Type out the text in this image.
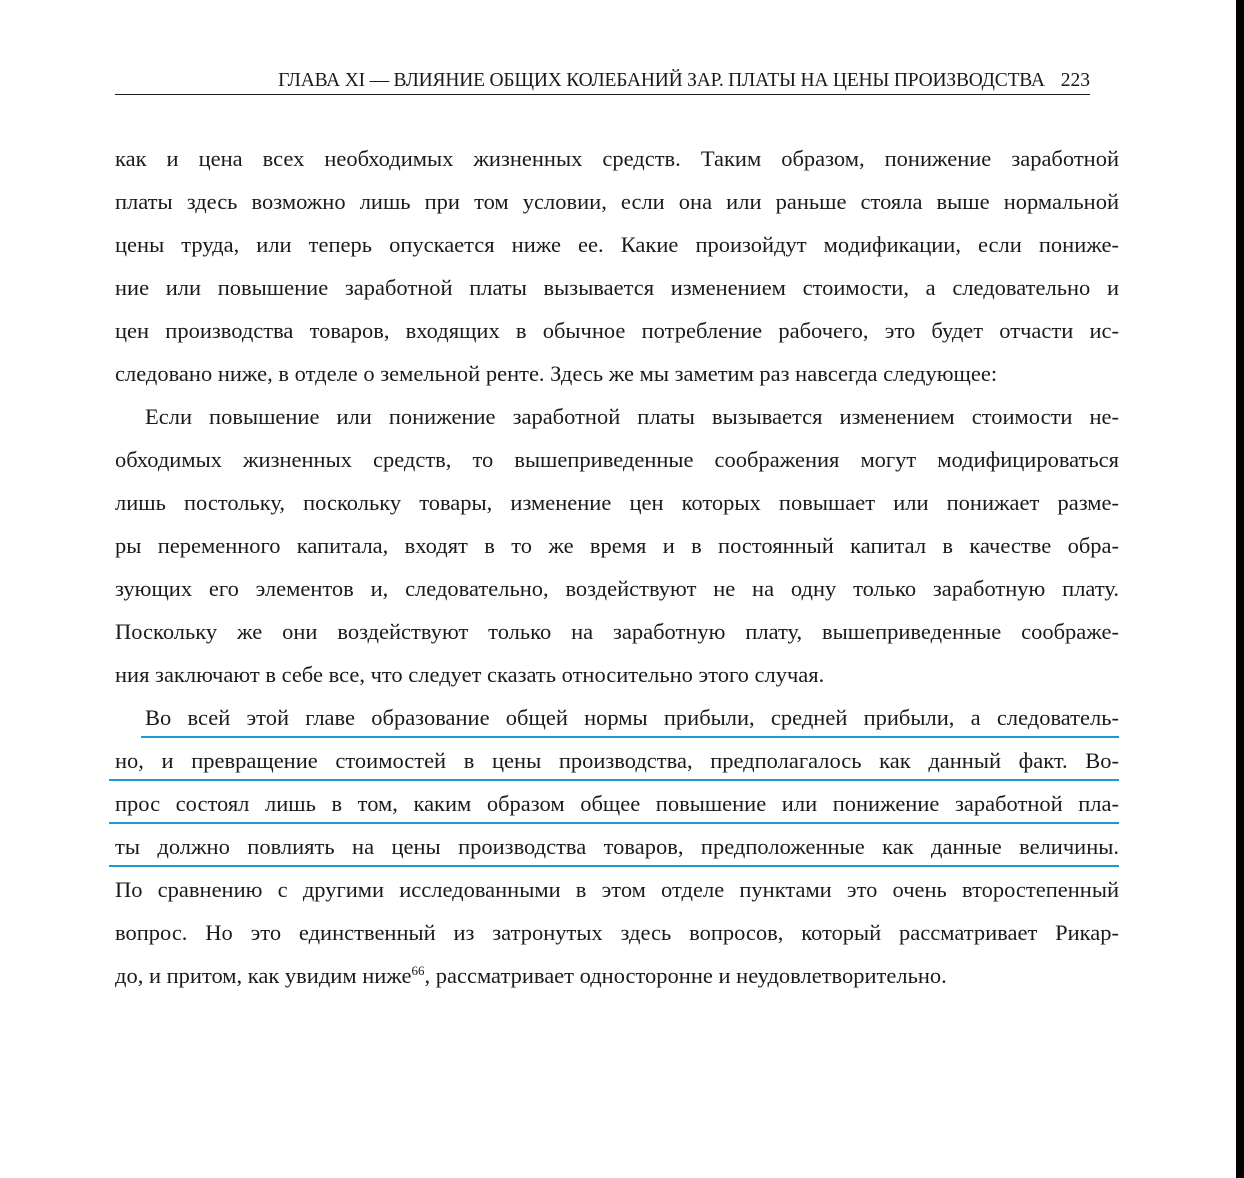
ГЛАВА XI — ВЛИЯНИЕ ОБЩИХ КОЛЕБАНИЙ ЗАР. ПЛАТЫ НА ЦЕНЫ ПРОИЗВОДСТВА 223
как и цена всех необходимых жизненных средств. Таким образом, понижение заработной
платы здесь возможно лишь при том условии, если она или раньше стояла выше нормальной
цены труда, или теперь опускается ниже ее. Какие произойдут модификации, если пониже-
ние или повышение заработной платы вызывается изменением стоимости, а следовательно и
цен производства товаров, входящих в обычное потребление рабочего, это будет отчасти ис-
следовано ниже, в отделе о земельной ренте. Здесь же мы заметим раз навсегда следующее:
Если повышение или понижение заработной платы вызывается изменением стоимости не-
обходимых жизненных средств, то вышеприведенные соображения могут модифицироваться
лишь постольку, поскольку товары, изменение цен которых повышает или понижает разме-
ры переменного капитала, входят в то же время и в постоянный капитал в качестве обра-
зующих его элементов и, следовательно, воздействуют не на одну только заработную плату.
Поскольку же они воздействуют только на заработную плату, вышеприведенные соображе-
ния заключают в себе все, что следует сказать относительно этого случая.
Во всей этой главе образование общей нормы прибыли, средней прибыли, а следователь-
но, и превращение стоимостей в цены производства, предполагалось как данный факт. Во-
прос состоял лишь в том, каким образом общее повышение или понижение заработной пла-
ты должно повлиять на цены производства товаров, предположенные как данные величины.
По сравнению с другими исследованными в этом отделе пунктами это очень второстепенный
вопрос. Но это единственный из затронутых здесь вопросов, который рассматривает Рикар-
до, и притом, как увидим ниже$^{66}$, рассматривает односторонне и неудовлетворительно.
